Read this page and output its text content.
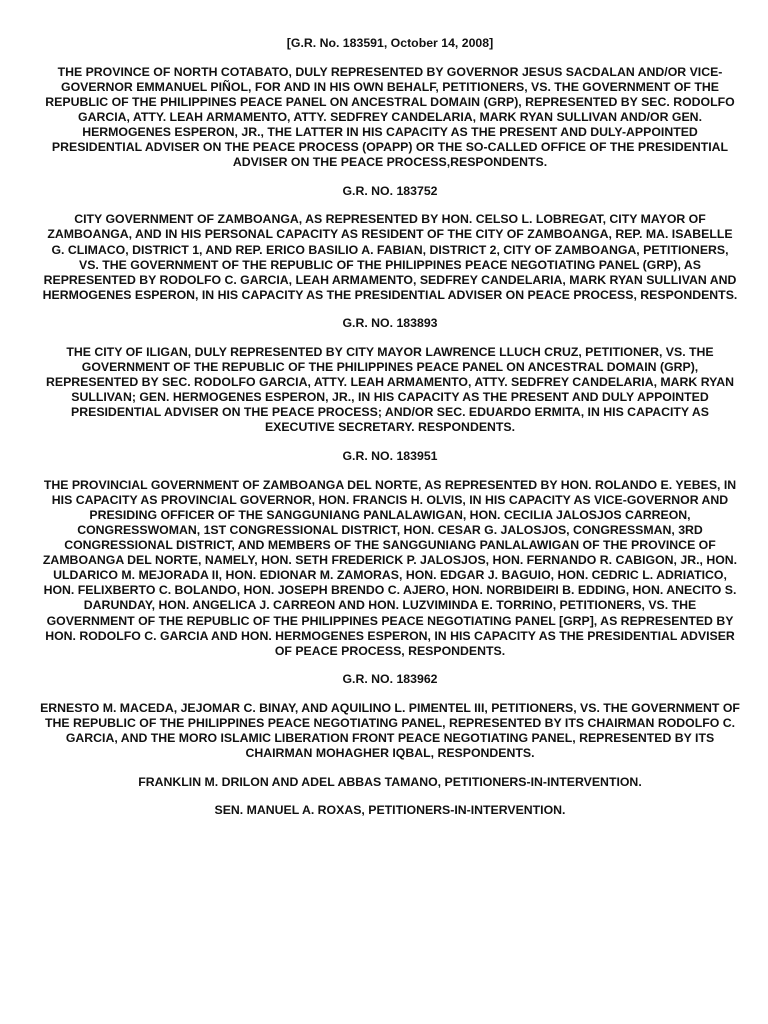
[G.R. No. 183591, October 14, 2008]

THE PROVINCE OF NORTH COTABATO, DULY REPRESENTED BY GOVERNOR JESUS SACDALAN AND/OR VICE-GOVERNOR EMMANUEL PIÑOL, FOR AND IN HIS OWN BEHALF, PETITIONERS, VS. THE GOVERNMENT OF THE REPUBLIC OF THE PHILIPPINES PEACE PANEL ON ANCESTRAL DOMAIN (GRP), REPRESENTED BY SEC. RODOLFO GARCIA, ATTY. LEAH ARMAMENTO, ATTY. SEDFREY CANDELARIA, MARK RYAN SULLIVAN AND/OR GEN. HERMOGENES ESPERON, JR., THE LATTER IN HIS CAPACITY AS THE PRESENT AND DULY-APPOINTED PRESIDENTIAL ADVISER ON THE PEACE PROCESS (OPAPP) OR THE SO-CALLED OFFICE OF THE PRESIDENTIAL ADVISER ON THE PEACE PROCESS,RESPONDENTS.

G.R. NO. 183752

CITY GOVERNMENT OF ZAMBOANGA, AS REPRESENTED BY HON. CELSO L. LOBREGAT, CITY MAYOR OF ZAMBOANGA, AND IN HIS PERSONAL CAPACITY AS RESIDENT OF THE CITY OF ZAMBOANGA, REP. MA. ISABELLE G. CLIMACO, DISTRICT 1, AND REP. ERICO BASILIO A. FABIAN, DISTRICT 2, CITY OF ZAMBOANGA, PETITIONERS, VS. THE GOVERNMENT OF THE REPUBLIC OF THE PHILIPPINES PEACE NEGOTIATING PANEL (GRP), AS REPRESENTED BY RODOLFO C. GARCIA, LEAH ARMAMENTO, SEDFREY CANDELARIA, MARK RYAN SULLIVAN AND HERMOGENES ESPERON, IN HIS CAPACITY AS THE PRESIDENTIAL ADVISER ON PEACE PROCESS, RESPONDENTS.

G.R. NO. 183893

THE CITY OF ILIGAN, DULY REPRESENTED BY CITY MAYOR LAWRENCE LLUCH CRUZ, PETITIONER, VS. THE GOVERNMENT OF THE REPUBLIC OF THE PHILIPPINES PEACE PANEL ON ANCESTRAL DOMAIN (GRP), REPRESENTED BY SEC. RODOLFO GARCIA, ATTY. LEAH ARMAMENTO, ATTY. SEDFREY CANDELARIA, MARK RYAN SULLIVAN; GEN. HERMOGENES ESPERON, JR., IN HIS CAPACITY AS THE PRESENT AND DULY APPOINTED PRESIDENTIAL ADVISER ON THE PEACE PROCESS; AND/OR SEC. EDUARDO ERMITA, IN HIS CAPACITY AS EXECUTIVE SECRETARY. RESPONDENTS.

G.R. NO. 183951

THE PROVINCIAL GOVERNMENT OF ZAMBOANGA DEL NORTE, AS REPRESENTED BY HON. ROLANDO E. YEBES, IN HIS CAPACITY AS PROVINCIAL GOVERNOR, HON. FRANCIS H. OLVIS, IN HIS CAPACITY AS VICE-GOVERNOR AND PRESIDING OFFICER OF THE SANGGUNIANG PANLALAWIGAN, HON. CECILIA JALOSJOS CARREON, CONGRESSWOMAN, 1ST CONGRESSIONAL DISTRICT, HON. CESAR G. JALOSJOS, CONGRESSMAN, 3RD CONGRESSIONAL DISTRICT, AND MEMBERS OF THE SANGGUNIANG PANLALAWIGAN OF THE PROVINCE OF ZAMBOANGA DEL NORTE, NAMELY, HON. SETH FREDERICK P. JALOSJOS, HON. FERNANDO R. CABIGON, JR., HON. ULDARICO M. MEJORADA II, HON. EDIONAR M. ZAMORAS, HON. EDGAR J. BAGUIO, HON. CEDRIC L. ADRIATICO, HON. FELIXBERTO C. BOLANDO, HON. JOSEPH BRENDO C. AJERO, HON. NORBIDEIRI B. EDDING, HON. ANECITO S. DARUNDAY, HON. ANGELICA J. CARREON AND HON. LUZVIMINDA E. TORRINO, PETITIONERS, VS. THE GOVERNMENT OF THE REPUBLIC OF THE PHILIPPINES PEACE NEGOTIATING PANEL [GRP], AS REPRESENTED BY HON. RODOLFO C. GARCIA AND HON. HERMOGENES ESPERON, IN HIS CAPACITY AS THE PRESIDENTIAL ADVISER OF PEACE PROCESS, RESPONDENTS.

G.R. NO. 183962

ERNESTO M. MACEDA, JEJOMAR C. BINAY, AND AQUILINO L. PIMENTEL III, PETITIONERS, VS. THE GOVERNMENT OF THE REPUBLIC OF THE PHILIPPINES PEACE NEGOTIATING PANEL, REPRESENTED BY ITS CHAIRMAN RODOLFO C. GARCIA, AND THE MORO ISLAMIC LIBERATION FRONT PEACE NEGOTIATING PANEL, REPRESENTED BY ITS CHAIRMAN MOHAGHER IQBAL, RESPONDENTS.

FRANKLIN M. DRILON AND ADEL ABBAS TAMANO, PETITIONERS-IN-INTERVENTION.

SEN. MANUEL A. ROXAS, PETITIONERS-IN-INTERVENTION.
